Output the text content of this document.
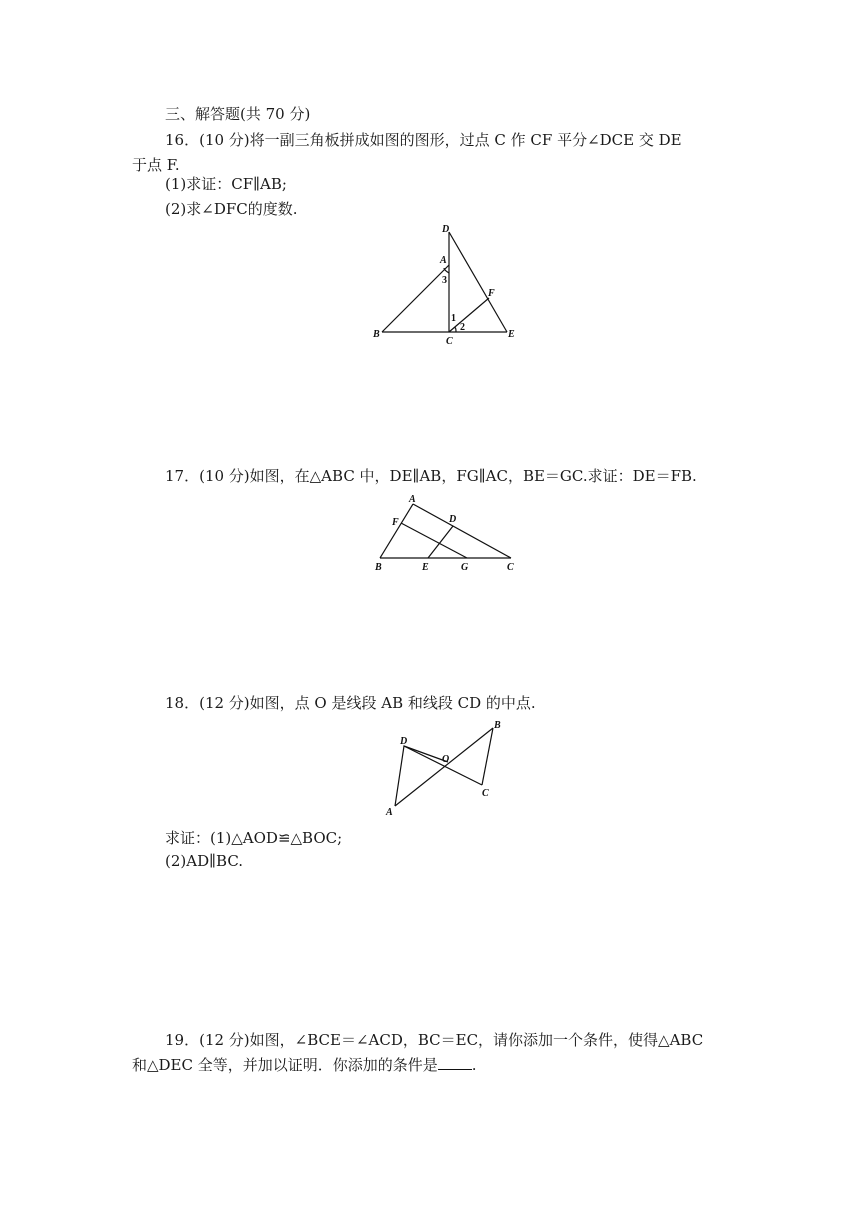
三、解答题(共 70 分)
16．(10 分)将一副三角板拼成如图的图形，过点 C 作 CF 平分∠DCE 交 DE
于点 F.
(1)求证：CF∥AB;
(2)求∠DFC的度数.
D
A
3
F
1
2
B
C
E
17．(10 分)如图，在△ABC 中，DE∥AB，FG∥AC，BE＝GC.求证：DE＝FB.
A
F	D
B	E	G	C
18．(12 分)如图，点 O 是线段 AB 和线段 CD 的中点.
D
B
O
C
A
求证：(1)△AOD≌△BOC;
(2)AD∥BC.
19．(12 分)如图，∠BCE＝∠ACD，BC＝EC，请你添加一个条件，使得△ABC
和△DEC 全等，并加以证明．你添加的条件是 .
